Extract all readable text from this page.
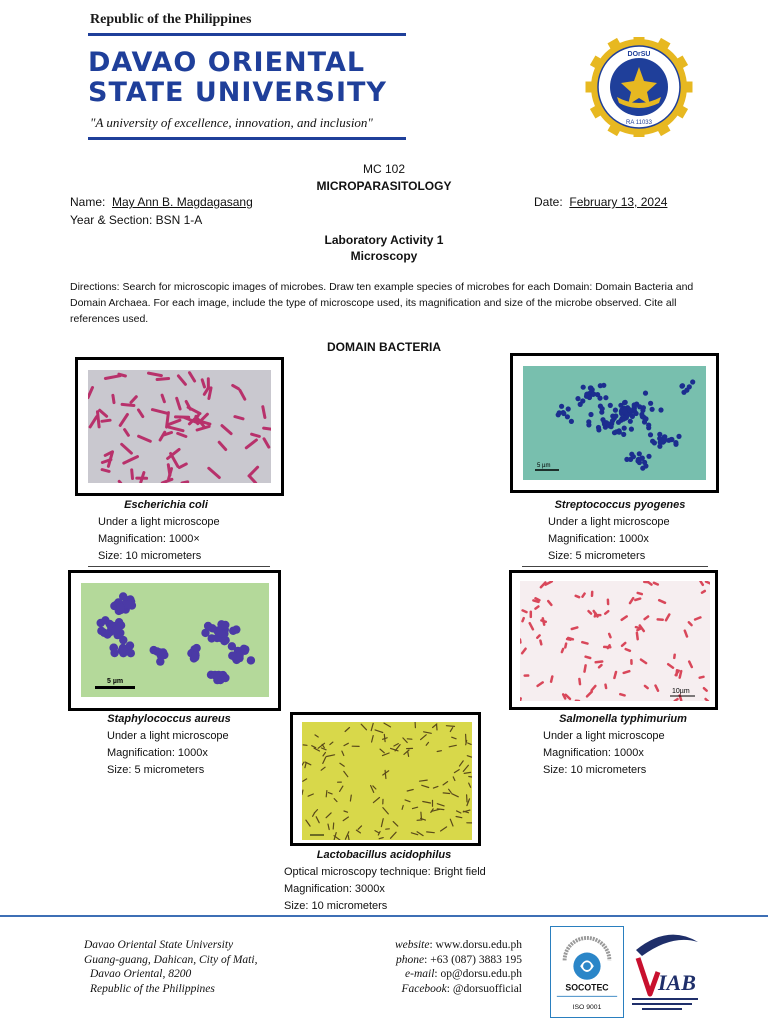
Republic of the Philippines
DAVAO ORIENTAL
STATE UNIVERSITY
"A university of excellence, innovation, and inclusion"
DOrSU
RA 11033
MC 102
MICROPARASITOLOGY
Name: May Ann B. Magdagasang	Date: February 13, 2024
Year & Section: BSN 1-A
Laboratory Activity 1
Microscopy
Directions: Search for microscopic images of microbes. Draw ten example species of microbes for each Domain: Domain Bacteria and Domain Archaea. For each image, include the type of microscope used, its magnification and size of the microbe observed. Cite all references used.
DOMAIN BACTERIA
Escherichia coli
Under a light microscope
Magnification: 1000×
Size: 10 micrometers
5 µm
Streptococcus pyogenes
Under a light microscope
Magnification: 1000x
Size: 5 micrometers
5 µm
Staphylococcus aureus
Under a light microscope
Magnification: 1000x
Size: 5 micrometers
10µm
Salmonella typhimurium
Under a light microscope
Magnification: 1000x
Size: 10 micrometers
Lactobacillus acidophilus
Optical microscopy technique: Bright field
Magnification: 3000x
Size: 10 micrometers
Davao Oriental State University
Guang-guang, Dahican, City of Mati,
Davao Oriental, 8200
Republic of the Philippines
website: www.dorsu.edu.ph
phone: +63 (087) 3883 195
e-mail: op@dorsu.edu.ph
Facebook: @dorsuofficial	SOCOTEC
ISO 9001
IAB
